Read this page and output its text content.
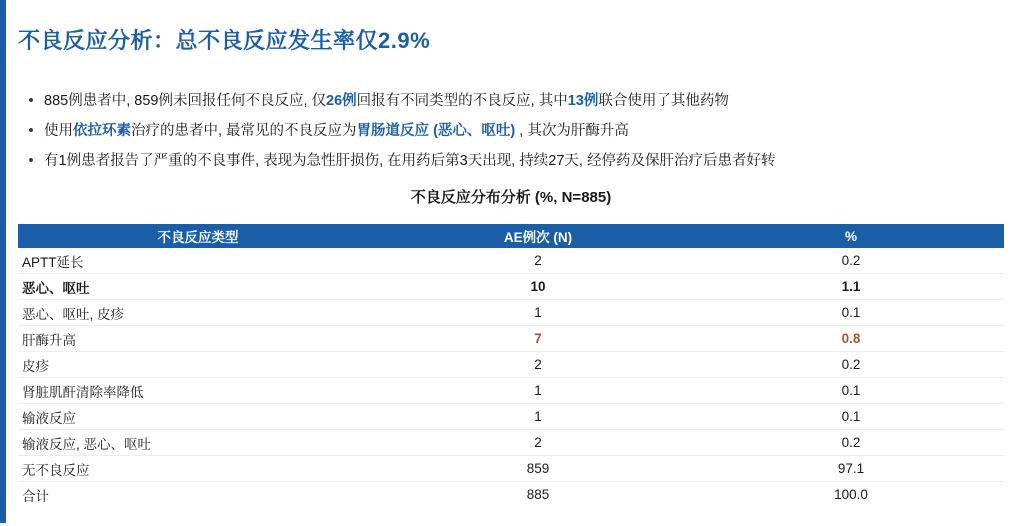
不良反应分析：总不良反应发生率仅2.9%
• 885例患者中, 859例未回报任何不良反应, 仅26例回报有不同类型的不良反应, 其中13例联合使用了其他药物
• 使用依拉环素治疗的患者中, 最常见的不良反应为胃肠道反应 (恶心、呕吐) , 其次为肝酶升高
• 有1例患者报告了严重的不良事件, 表现为急性肝损伤, 在用药后第3天出现, 持续27天, 经停药及保肝治疗后患者好转
不良反应分布分析 (%, N=885)
不良反应类型	AE例次 (N)	%
APTT延长	2	0.2
恶心、呕吐	10	1.1
恶心、呕吐, 皮疹	1	0.1
肝酶升高	7	0.8
皮疹	2	0.2
肾脏肌酐清除率降低	1	0.1
输液反应	1	0.1
输液反应, 恶心、呕吐	2	0.2
无不良反应	859	97.1
合计	885	100.0
